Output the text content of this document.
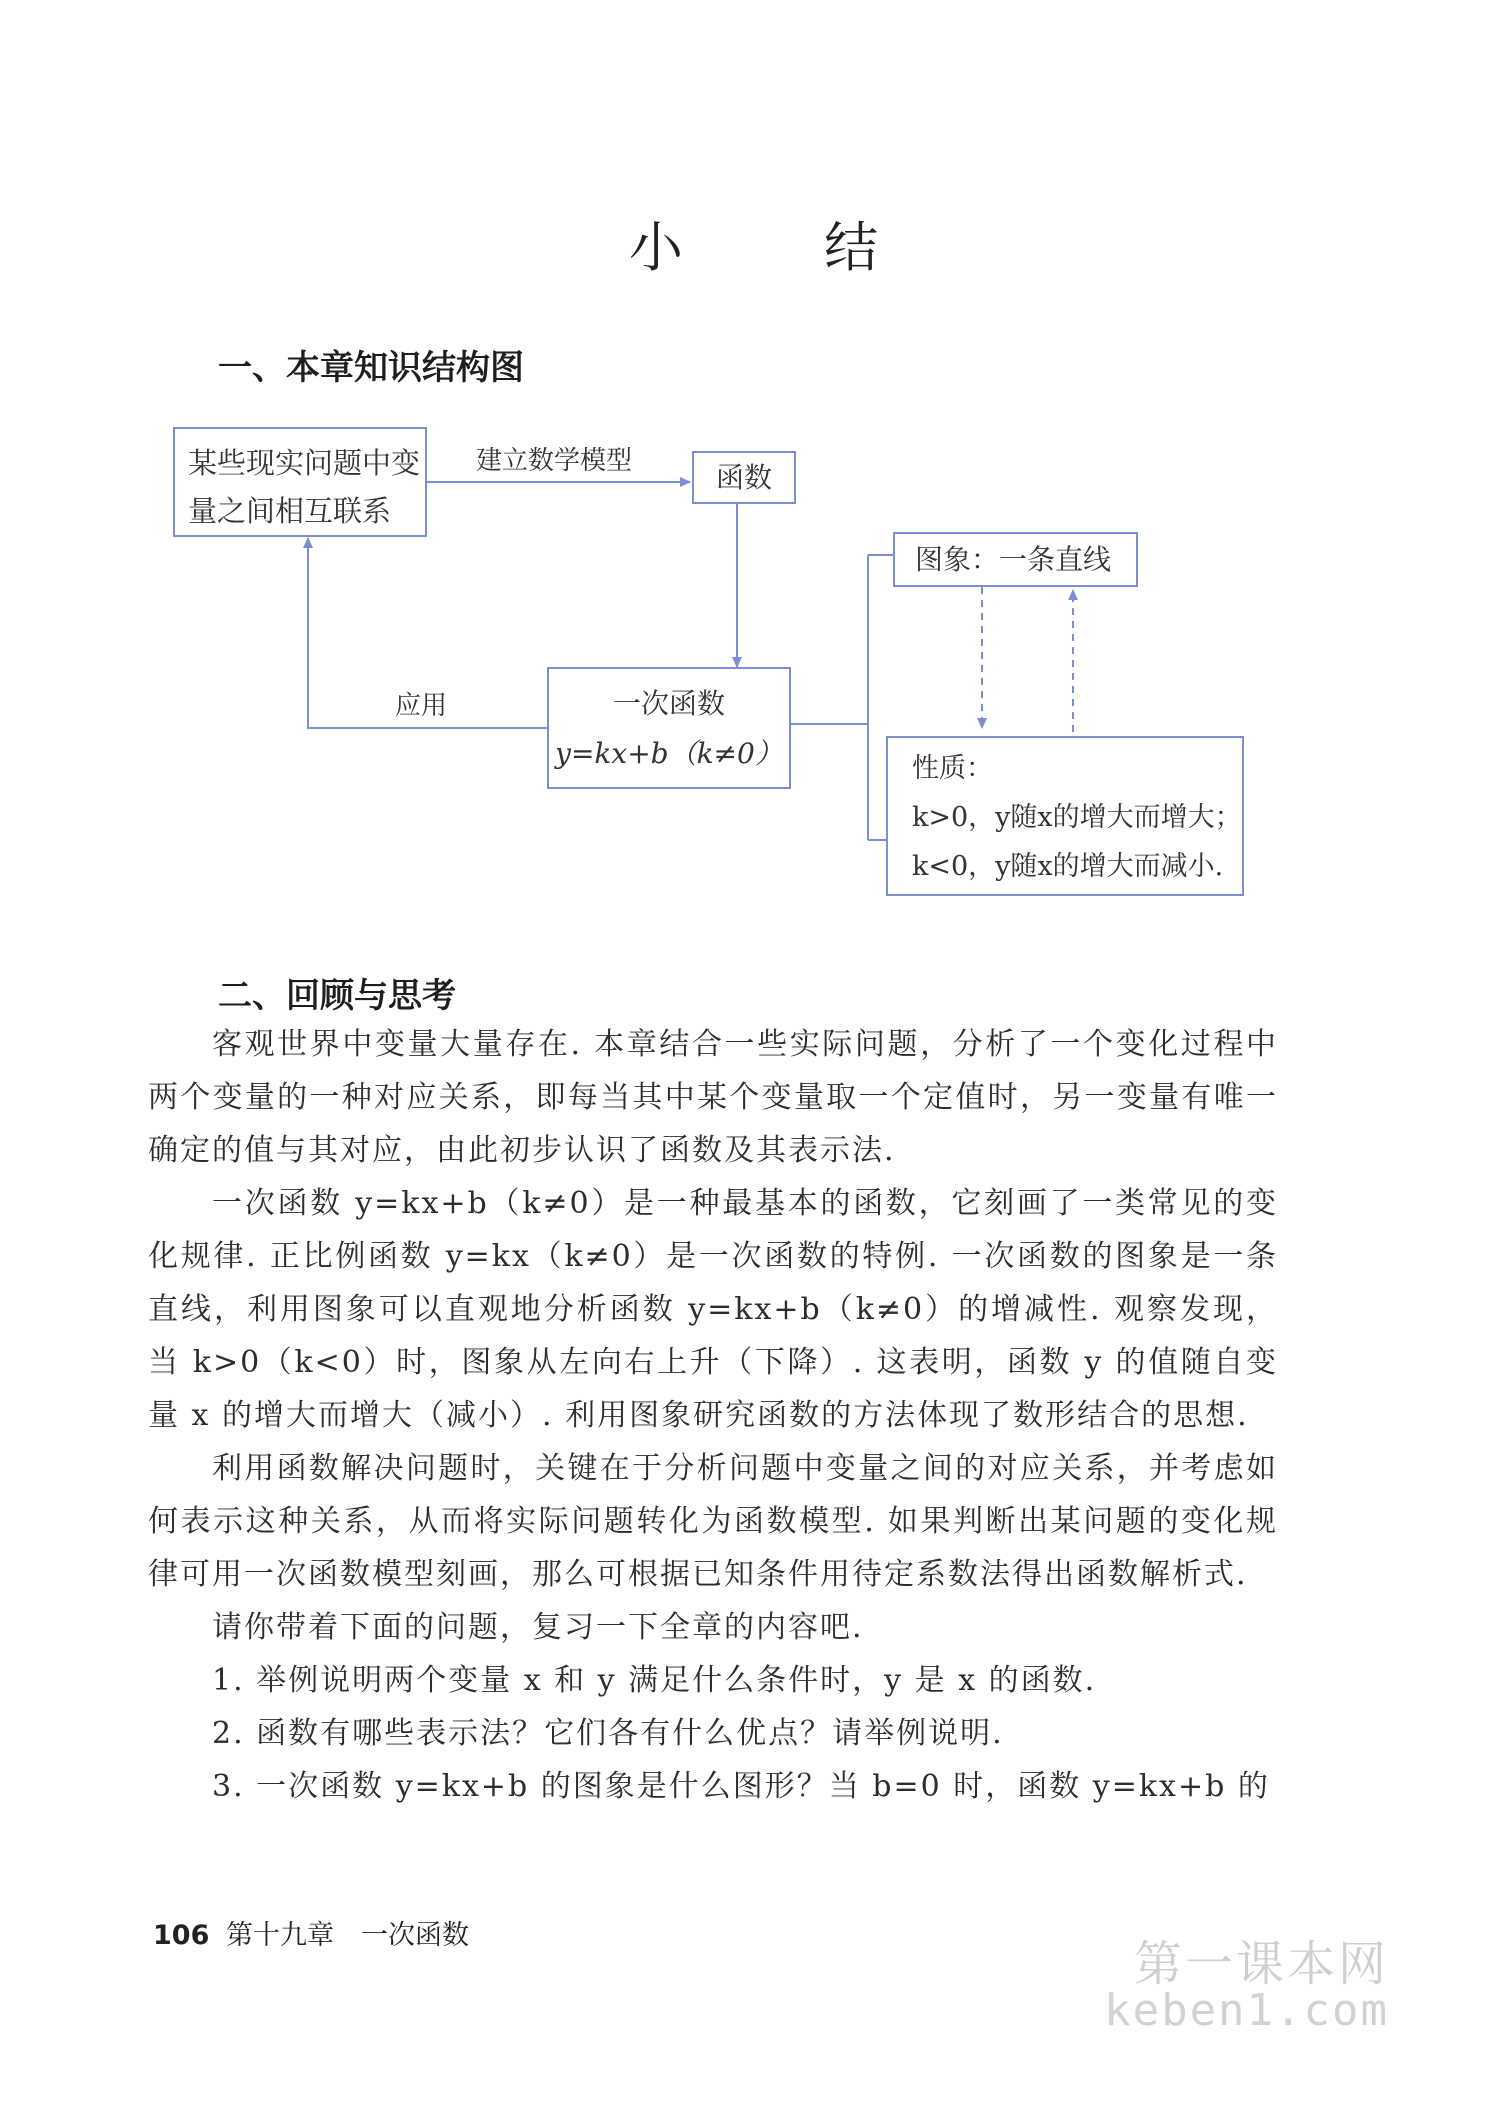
小 结
一、本章知识结构图
某些现实问题中变
量之间相互联系
建立数学模型	函数
图象：一条直线
应用	一次函数
y=kx+b（k≠0）	性质：
k>0，y随x的增大而增大；
k<0，y随x的增大而减小.
二、回顾与思考

客观世界中变量大量存在. 本章结合一些实际问题，分析了一个变化过程中两个变量的一种对应关系，即每当其中某个变量取一个定值时，另一变量有唯一确定的值与其对应，由此初步认识了函数及其表示法.

一次函数 y=kx+b（k≠0）是一种最基本的函数，它刻画了一类常见的变化规律. 正比例函数 y=kx（k≠0）是一次函数的特例. 一次函数的图象是一条直线，利用图象可以直观地分析函数 y=kx+b（k≠0）的增减性. 观察发现，当 k>0（k<0）时，图象从左向右上升（下降）. 这表明，函数 y 的值随自变量 x 的增大而增大（减小）. 利用图象研究函数的方法体现了数形结合的思想.

利用函数解决问题时，关键在于分析问题中变量之间的对应关系，并考虑如何表示这种关系，从而将实际问题转化为函数模型. 如果判断出某问题的变化规律可用一次函数模型刻画，那么可根据已知条件用待定系数法得出函数解析式.

请你带着下面的问题，复习一下全章的内容吧.

1. 举例说明两个变量 x 和 y 满足什么条件时，y 是 x 的函数.

2. 函数有哪些表示法？它们各有什么优点？请举例说明.

3. 一次函数 y=kx+b 的图象是什么图形？当 b=0 时，函数 y=kx+b 的

106 第十九章　一次函数
第一课本网
keben1.com
